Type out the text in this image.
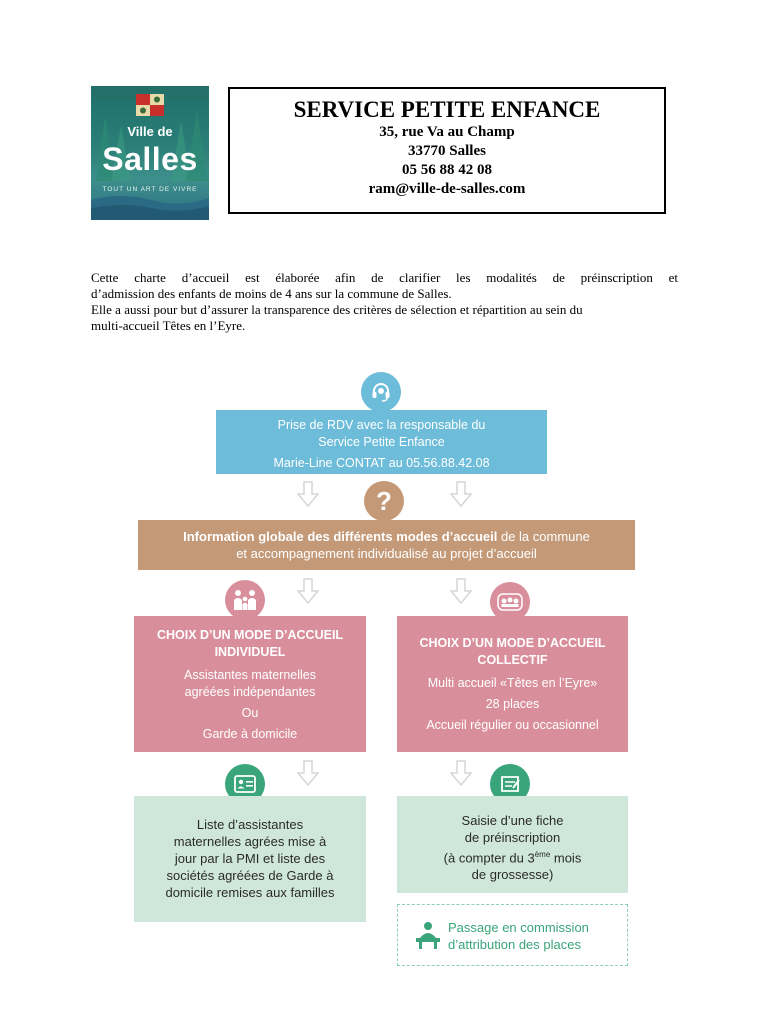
Ville de
Salles
TOUT UN ART DE VIVRE
SERVICE PETITE ENFANCE
35, rue Va au Champ
33770 Salles
05 56 88 42 08
ram@ville-de-salles.com
Cette charte d’accueil est élaborée afin de clarifier les modalités de préinscription et
d’admission des enfants de moins de 4 ans sur la commune de Salles.
Elle a aussi pour but d’assurer la transparence des critères de sélection et répartition au sein du
multi-accueil Têtes en l’Eyre.
Prise de RDV avec la responsable du
Service Petite Enfance
Marie-Line CONTAT au 05.56.88.42.08
?
Information globale des différents modes d’accueil de la commune
et accompagnement individualisé au projet d’accueil
CHOIX D’UN MODE D’ACCUEIL
INDIVIDUEL
Assistantes maternelles
agréées indépendantes
Ou
Garde à domicile
CHOIX D’UN MODE D’ACCUEIL
COLLECTIF
Multi accueil «Têtes en l’Eyre»
28 places
Accueil régulier ou occasionnel
Liste d’assistantes
maternelles agrées mise à
jour par la PMI et liste des
sociétés agréées de Garde à
domicile remises aux familles
Saisie d’une fiche
de préinscription
(à compter du 3ème mois
de grossesse)
Passage en commission
d’attribution des places
